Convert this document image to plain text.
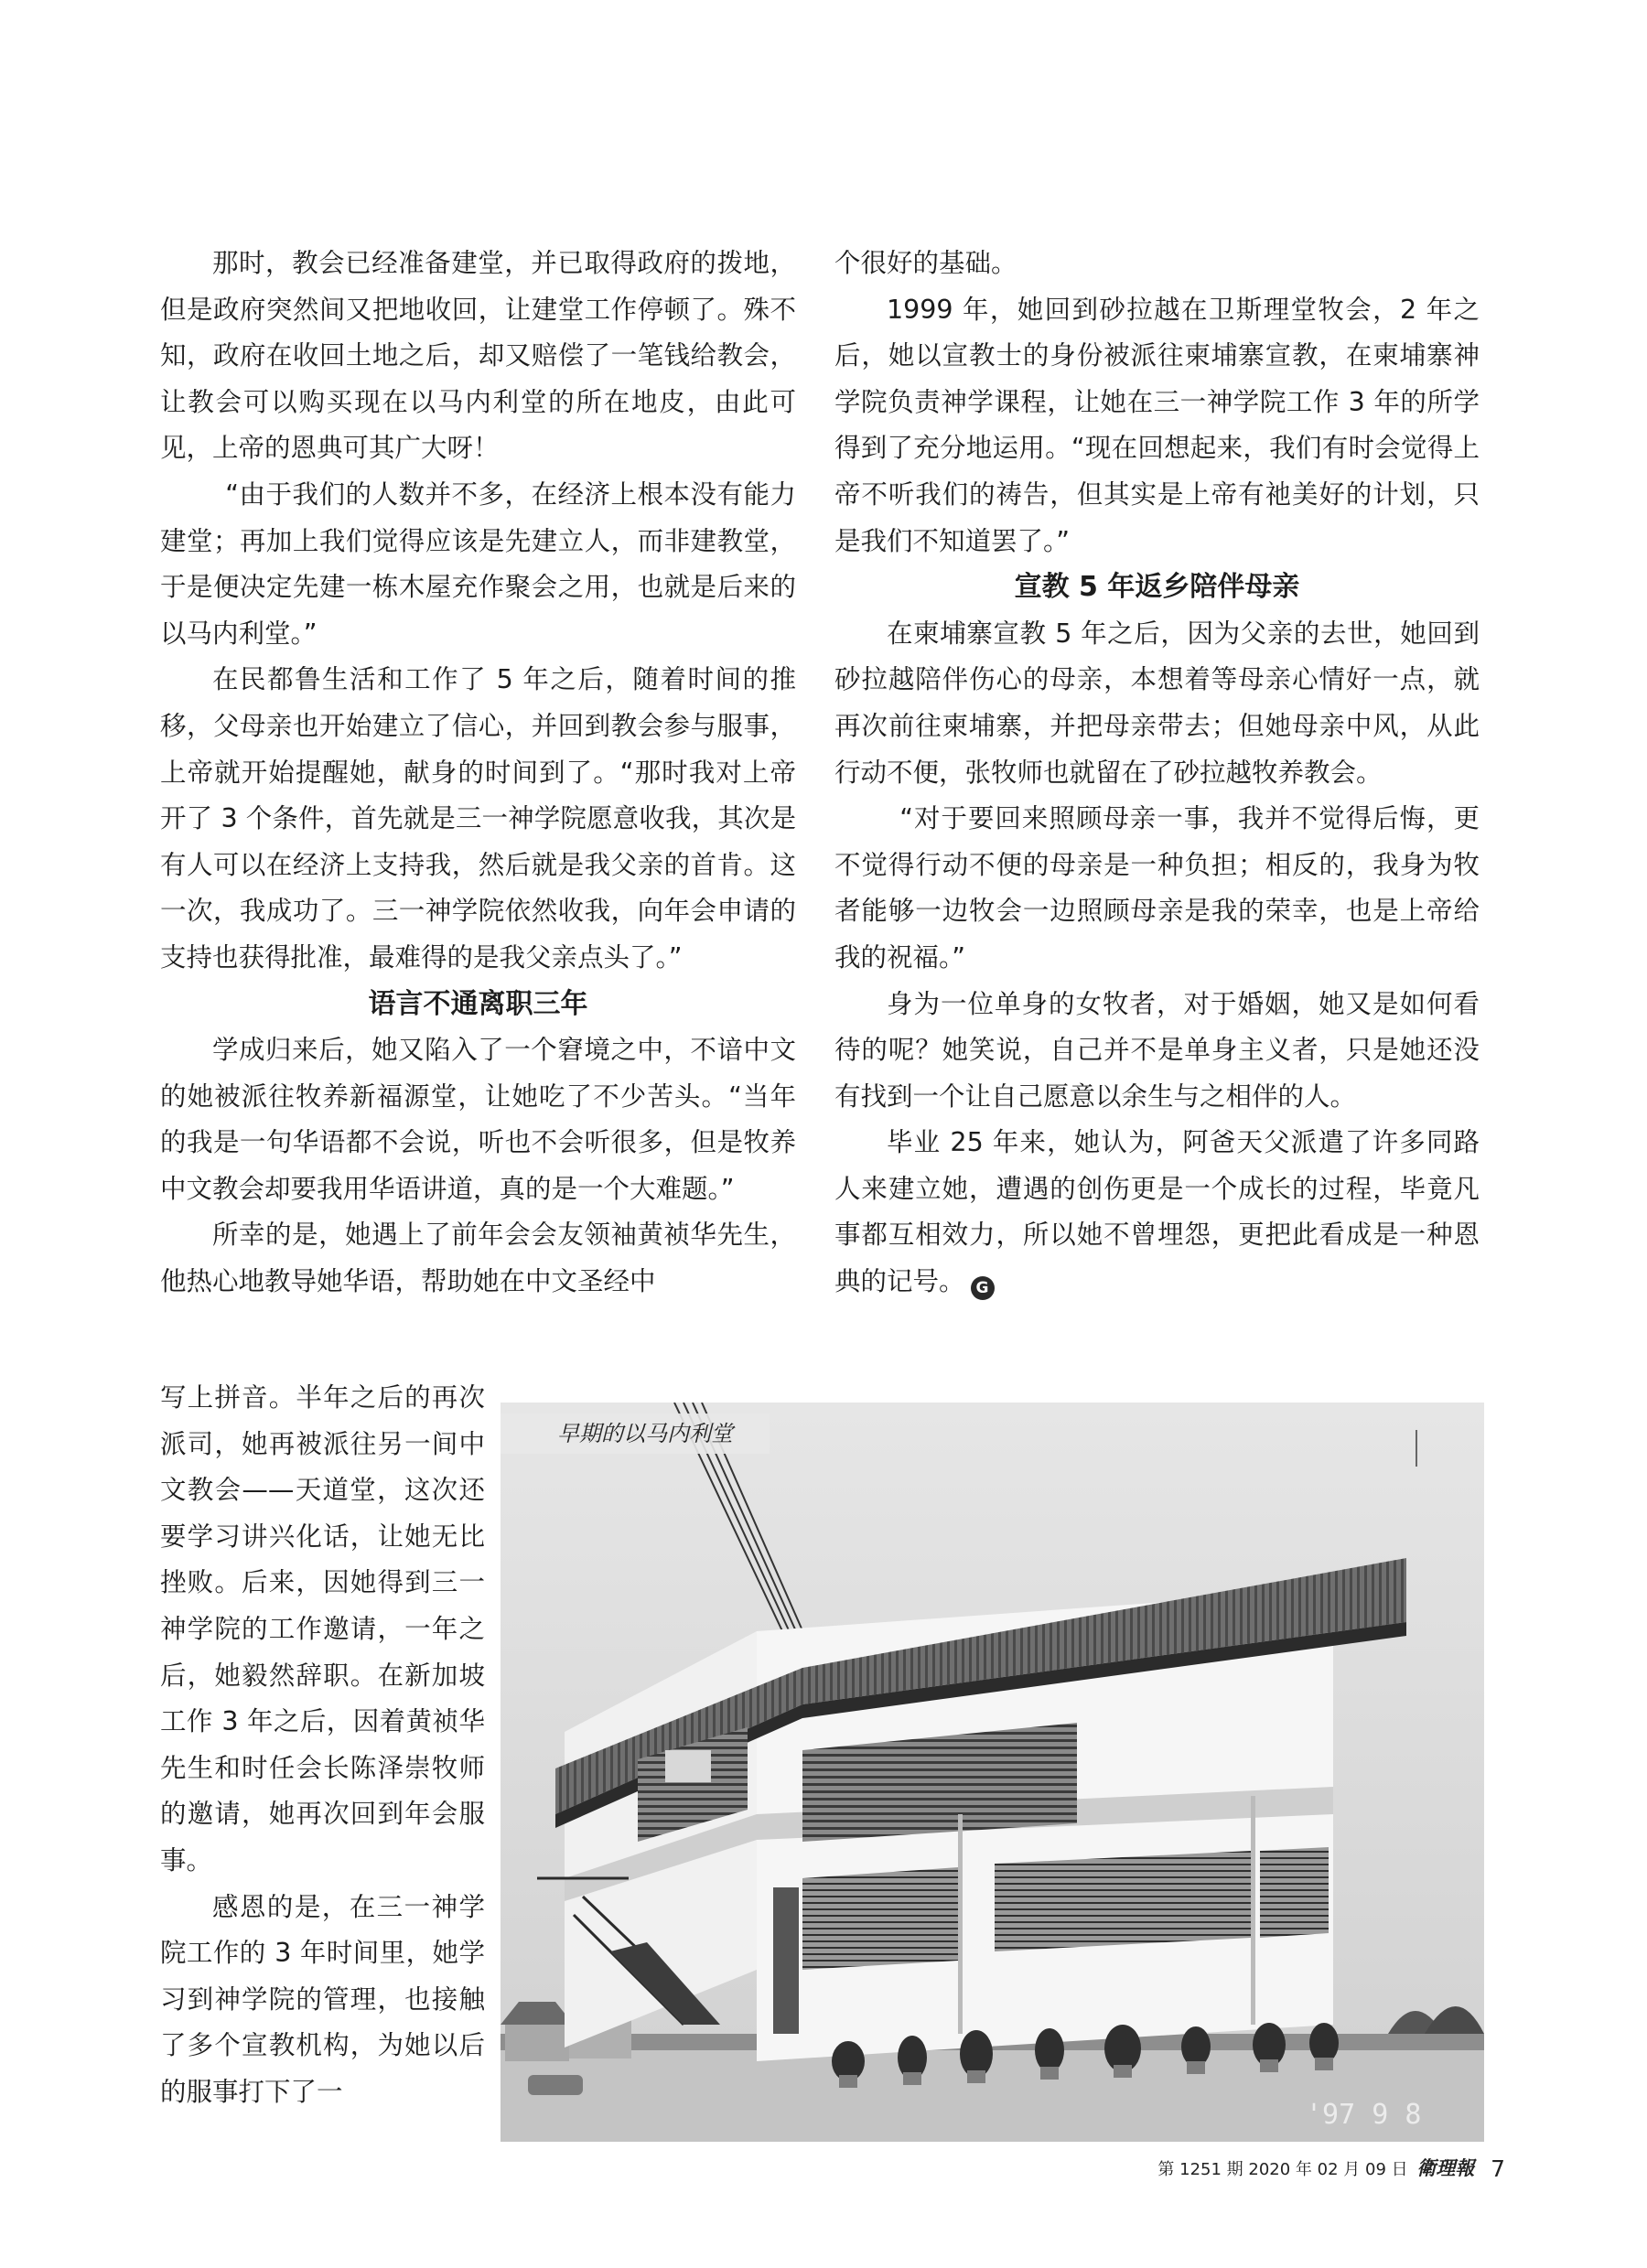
那时，教会已经准备建堂，并已取得政府的拨地，但是政府突然间又把地收回，让建堂工作停顿了。殊不知，政府在收回土地之后，却又赔偿了一笔钱给教会，让教会可以购买现在以马内利堂的所在地皮，由此可见，上帝的恩典可其广大呀！

“由于我们的人数并不多，在经济上根本没有能力建堂；再加上我们觉得应该是先建立人，而非建教堂，于是便决定先建一栋木屋充作聚会之用，也就是后来的以马内利堂。”

在民都鲁生活和工作了 5 年之后，随着时间的推移，父母亲也开始建立了信心，并回到教会参与服事，上帝就开始提醒她，献身的时间到了。“那时我对上帝开了 3 个条件，首先就是三一神学院愿意收我，其次是有人可以在经济上支持我，然后就是我父亲的首肯。这一次，我成功了。三一神学院依然收我，向年会申请的支持也获得批准，最难得的是我父亲点头了。”

语言不通离职三年

学成归来后，她又陷入了一个窘境之中，不谙中文的她被派往牧养新福源堂，让她吃了不少苦头。“当年的我是一句华语都不会说，听也不会听很多，但是牧养中文教会却要我用华语讲道，真的是一个大难题。”

所幸的是，她遇上了前年会会友领袖黄祯华先生，他热心地教导她华语，帮助她在中文圣经中

写上拼音。半年之后的再次派司，她再被派往另一间中文教会——天道堂，这次还要学习讲兴化话，让她无比挫败。后来，因她得到三一神学院的工作邀请，一年之后，她毅然辞职。在新加坡工作 3 年之后，因着黄祯华先生和时任会长陈泽崇牧师的邀请，她再次回到年会服事。

感恩的是，在三一神学院工作的 3 年时间里，她学习到神学院的管理，也接触了多个宣教机构，为她以后的服事打下了一

个很好的基础。

1999 年，她回到砂拉越在卫斯理堂牧会，2 年之后，她以宣教士的身份被派往柬埔寨宣教，在柬埔寨神学院负责神学课程，让她在三一神学院工作 3 年的所学得到了充分地运用。“现在回想起来，我们有时会觉得上帝不听我们的祷告，但其实是上帝有祂美好的计划，只是我们不知道罢了。”

宣教 5 年返乡陪伴母亲

在柬埔寨宣教 5 年之后，因为父亲的去世，她回到砂拉越陪伴伤心的母亲，本想着等母亲心情好一点，就再次前往柬埔寨，并把母亲带去；但她母亲中风，从此行动不便，张牧师也就留在了砂拉越牧养教会。

“对于要回来照顾母亲一事，我并不觉得后悔，更不觉得行动不便的母亲是一种负担；相反的，我身为牧者能够一边牧会一边照顾母亲是我的荣幸，也是上帝给我的祝福。”

身为一位单身的女牧者，对于婚姻，她又是如何看待的呢？她笑说，自己并不是单身主义者，只是她还没有找到一个让自己愿意以余生与之相伴的人。

毕业 25 年来，她认为，阿爸天父派遣了许多同路人来建立她，遭遇的创伤更是一个成长的过程，毕竟凡事都互相效力，所以她不曾埋怨，更把此看成是一种恩典的记号。 G

'97 9 8
早期的以马内利堂
第 1251 期 2020 年 02 月 09 日 衛理報 7
